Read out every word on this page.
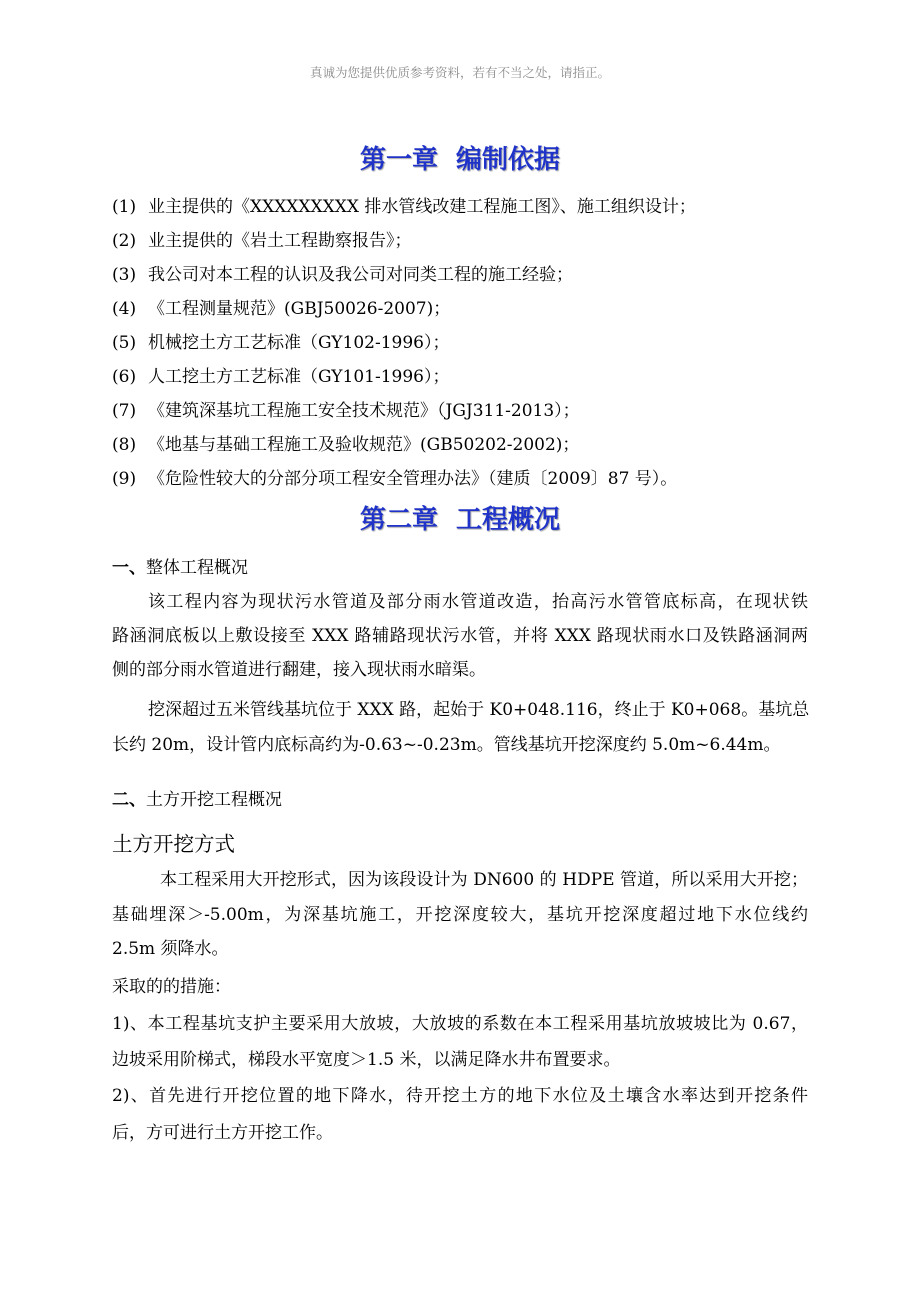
真诚为您提供优质参考资料，若有不当之处，请指正。
第一章  编制依据
(1) 业主提供的《XXXXXXXXX 排水管线改建工程施工图》、施工组织设计；
(2) 业主提供的《岩土工程勘察报告》；
(3) 我公司对本工程的认识及我公司对同类工程的施工经验；
(4) 《工程测量规范》(GBJ50026-2007)；
(5) 机械挖土方工艺标准（GY102-1996）；
(6) 人工挖土方工艺标准（GY101-1996）；
(7) 《建筑深基坑工程施工安全技术规范》（JGJ311-2013）；
(8) 《地基与基础工程施工及验收规范》(GB50202-2002)；
(9) 《危险性较大的分部分项工程安全管理办法》（建质〔2009〕87 号）。
第二章  工程概况
一、整体工程概况
该工程内容为现状污水管道及部分雨水管道改造，抬高污水管管底标高，在现状铁
路涵洞底板以上敷设接至 XXX 路辅路现状污水管，并将 XXX 路现状雨水口及铁路涵洞两
侧的部分雨水管道进行翻建，接入现状雨水暗渠。
挖深超过五米管线基坑位于 XXX 路，起始于 K0+048.116，终止于 K0+068。基坑总
长约 20m，设计管内底标高约为-0.63~-0.23m。管线基坑开挖深度约 5.0m~6.44m。
二、土方开挖工程概况
土方开挖方式
本工程采用大开挖形式，因为该段设计为 DN600 的 HDPE 管道，所以采用大开挖；
基础埋深＞-5.00m，为深基坑施工，开挖深度较大，基坑开挖深度超过地下水位线约
2.5m 须降水。
采取的的措施：
1)、本工程基坑支护主要采用大放坡，大放坡的系数在本工程采用基坑放坡坡比为 0.67，
边坡采用阶梯式，梯段水平宽度＞1.5 米，以满足降水井布置要求。
2)、首先进行开挖位置的地下降水，待开挖土方的地下水位及土壤含水率达到开挖条件
后，方可进行土方开挖工作。
